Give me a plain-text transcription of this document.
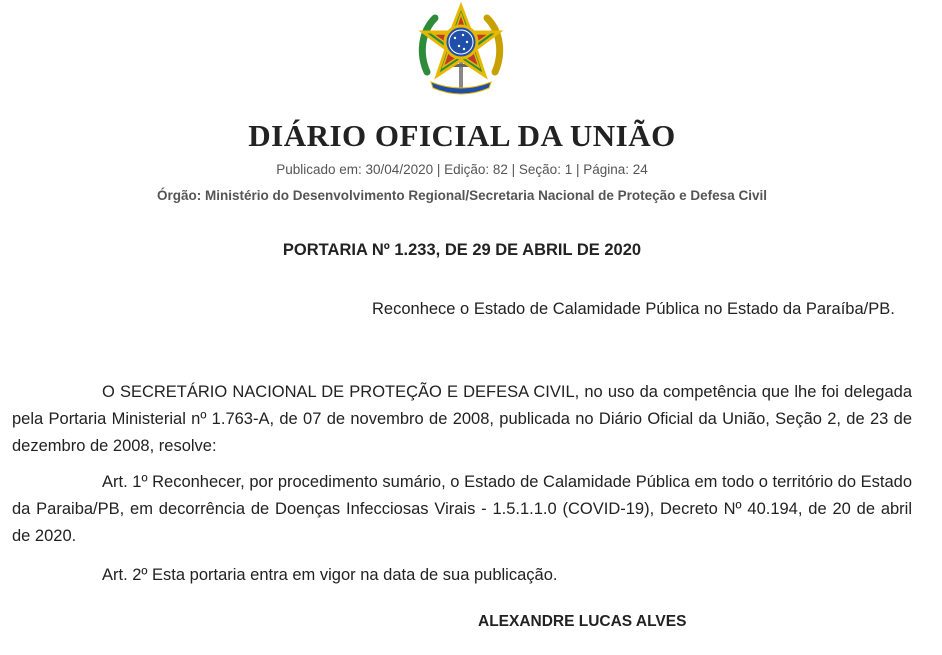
DIÁRIO OFICIAL DA UNIÃO
Publicado em: 30/04/2020 | Edição: 82 | Seção: 1 | Página: 24
Órgão: Ministério do Desenvolvimento Regional/Secretaria Nacional de Proteção e Defesa Civil
PORTARIA Nº 1.233, DE 29 DE ABRIL DE 2020
Reconhece o Estado de Calamidade Pública no Estado da Paraíba/PB.

O SECRETÁRIO NACIONAL DE PROTEÇÃO E DEFESA CIVIL, no uso da competência que lhe foi delegada pela Portaria Ministerial nº 1.763-A, de 07 de novembro de 2008, publicada no Diário Oficial da União, Seção 2, de 23 de dezembro de 2008, resolve:

Art. 1º Reconhecer, por procedimento sumário, o Estado de Calamidade Pública em todo o território do Estado da Paraiba/PB, em decorrência de Doenças Infecciosas Virais - 1.5.1.1.0 (COVID-19), Decreto Nº 40.194, de 20 de abril de 2020.

Art. 2º Esta portaria entra em vigor na data de sua publicação.

ALEXANDRE LUCAS ALVES
